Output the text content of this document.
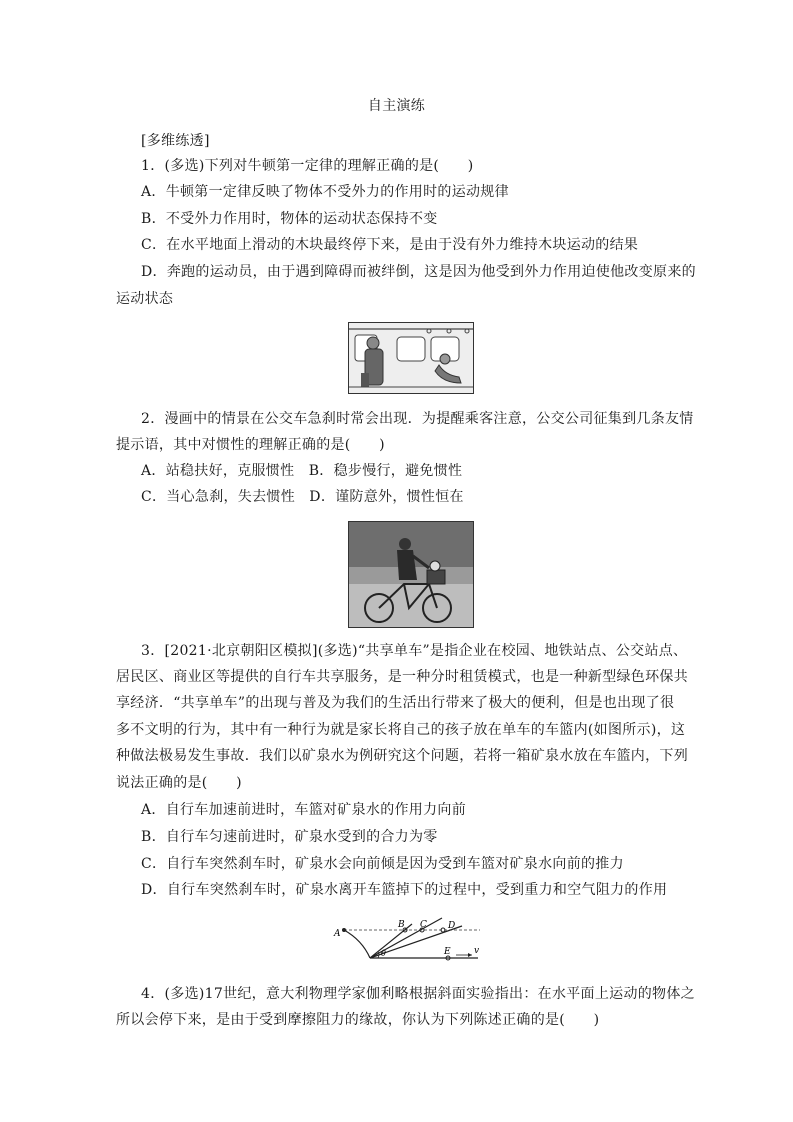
自主演练
[多维练透]
1．(多选)下列对牛顿第一定律的理解正确的是(　　)
A．牛顿第一定律反映了物体不受外力的作用时的运动规律
B．不受外力作用时，物体的运动状态保持不变
C．在水平地面上滑动的木块最终停下来，是由于没有外力维持木块运动的结果
D．奔跑的运动员，由于遇到障碍而被绊倒，这是因为他受到外力作用迫使他改变原来的
运动状态
2．漫画中的情景在公交车急刹时常会出现．为提醒乘客注意，公交公司征集到几条友情
提示语，其中对惯性的理解正确的是(　　)
A．站稳扶好，克服惯性　B．稳步慢行，避免惯性
C．当心急刹，失去惯性　D．谨防意外，惯性恒在
3．[2021·北京朝阳区模拟](多选)“共享单车”是指企业在校园、地铁站点、公交站点、
居民区、商业区等提供的自行车共享服务，是一种分时租赁模式，也是一种新型绿色环保共
享经济．“共享单车”的出现与普及为我们的生活出行带来了极大的便利，但是也出现了很
多不文明的行为，其中有一种行为就是家长将自己的孩子放在单车的车篮内(如图所示)，这
种做法极易发生事故．我们以矿泉水为例研究这个问题，若将一箱矿泉水放在车篮内，下列
说法正确的是(　　)
A．自行车加速前进时，车篮对矿泉水的作用力向前
B．自行车匀速前进时，矿泉水受到的合力为零
C．自行车突然刹车时，矿泉水会向前倾是因为受到车篮对矿泉水向前的推力
D．自行车突然刹车时，矿泉水离开车篮掉下的过程中，受到重力和空气阻力的作用
A
B C D
E
θ	v
4．(多选)17世纪，意大利物理学家伽利略根据斜面实验指出：在水平面上运动的物体之
所以会停下来，是由于受到摩擦阻力的缘故，你认为下列陈述正确的是(　　)
